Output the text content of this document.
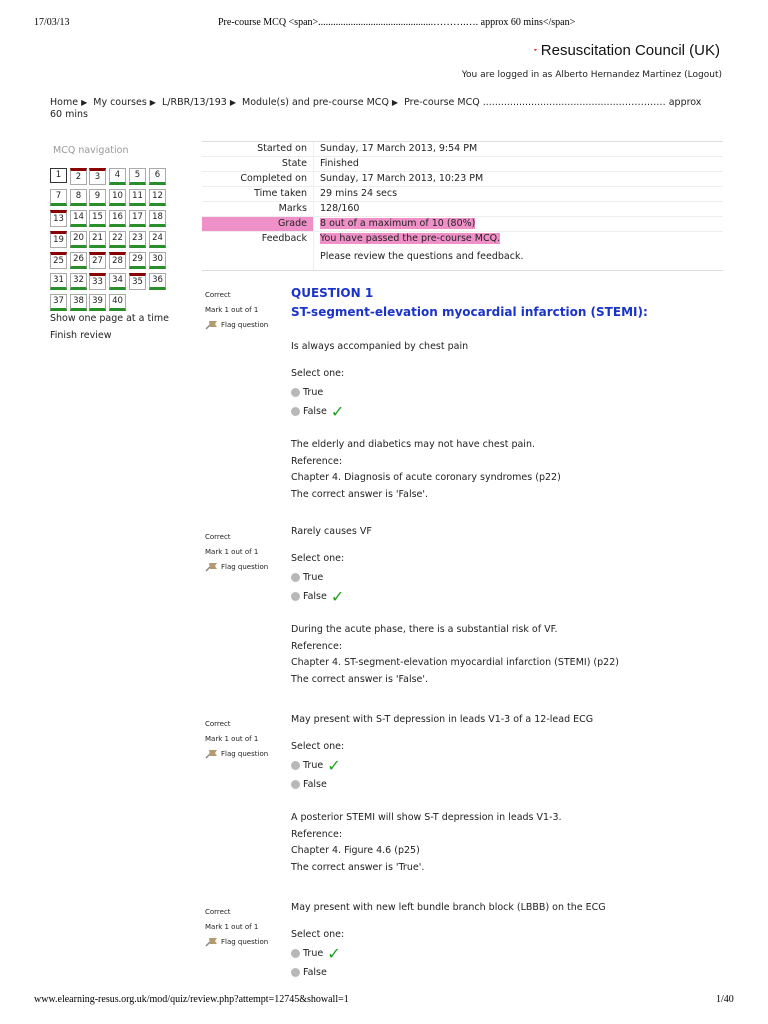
17/03/13	Pre-course MCQ <span>..............................................……….…. approx 60 mins</span>
Resuscitation Council (UK)
You are logged in as Alberto Hernandez Martinez (Logout)
Home ▶ My courses ▶ L/RBR/13/193 ▶ Module(s) and pre-course MCQ ▶ Pre-course MCQ ..............................................……….…. approx 60 mins
MCQ navigation
1	2	3	4	5	6
7	8	9	10	11	12
13	14 15	16	17	18
19	20 21	22	23	24
25	26 27	28	29	30
31	32 33	34	35	36
37	38 39	40
Show one page at a time
Finish review
Started on	Sunday, 17 March 2013, 9:54 PM
State	Finished
Completed on	Sunday, 17 March 2013, 10:23 PM
Time taken	29 mins 24 secs
Marks	128/160
Grade	8 out of a maximum of 10 (80%)
Feedback	You have passed the pre-course MCQ.
Please review the questions and feedback.
Correct
Mark 1 out of 1
Flag question
QUESTION 1
ST-segment-elevation myocardial infarction (STEMI):
Is always accompanied by chest pain
Select one:
True
False ✓
The elderly and diabetics may not have chest pain.
Reference:
Chapter 4. Diagnosis of acute coronary syndromes (p22)
The correct answer is 'False'.
Correct
Mark 1 out of 1
Flag question
Rarely causes VF
Select one:
True
False ✓
During the acute phase, there is a substantial risk of VF.
Reference:
Chapter 4. ST-segment-elevation myocardial infarction (STEMI) (p22)
The correct answer is 'False'.
Correct
Mark 1 out of 1
Flag question
May present with S-T depression in leads V1-3 of a 12-lead ECG
Select one:
True ✓
False
A posterior STEMI will show S-T depression in leads V1-3.
Reference:
Chapter 4. Figure 4.6 (p25)
The correct answer is 'True'.
Correct
Mark 1 out of 1
Flag question
May present with new left bundle branch block (LBBB) on the ECG
Select one:
True ✓
False
www.elearning-resus.org.uk/mod/quiz/review.php?attempt=12745&showall=1	1/40
